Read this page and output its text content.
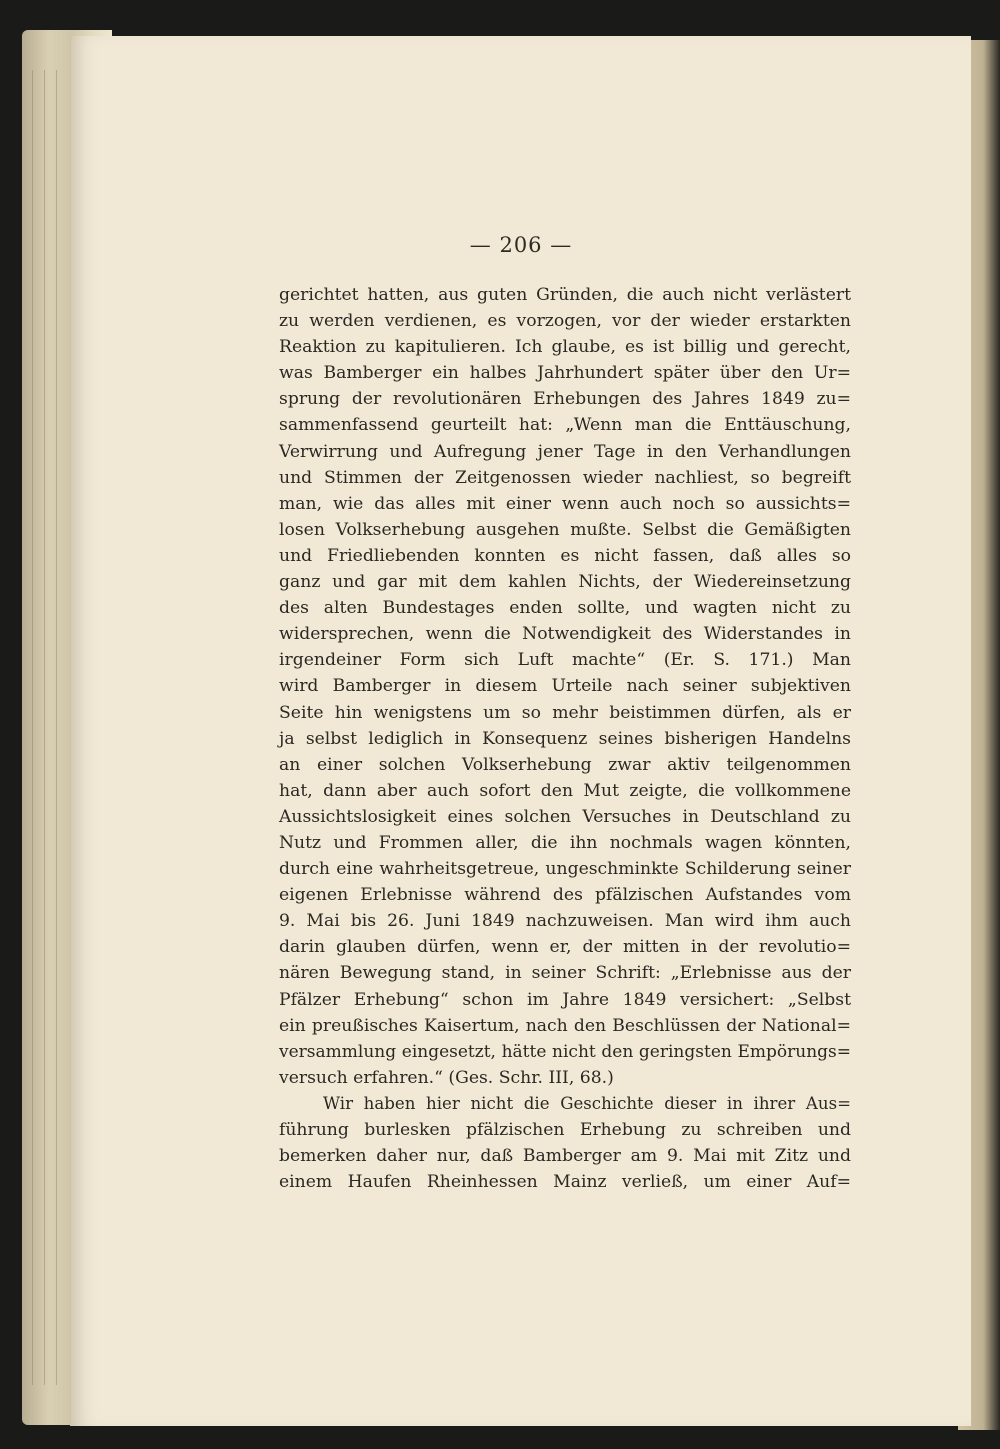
— 206 —
gerichtet hatten, aus guten Gründen, die auch nicht verlästert
zu werden verdienen, es vorzogen, vor der wieder erstarkten
Reaktion zu kapitulieren. Ich glaube, es ist billig und gerecht,
was Bamberger ein halbes Jahrhundert später über den Ur=
sprung der revolutionären Erhebungen des Jahres 1849 zu=
sammenfassend geurteilt hat: „Wenn man die Enttäuschung,
Verwirrung und Aufregung jener Tage in den Verhandlungen
und Stimmen der Zeitgenossen wieder nachliest, so begreift
man, wie das alles mit einer wenn auch noch so aussichts=
losen Volkserhebung ausgehen mußte. Selbst die Gemäßigten
und Friedliebenden konnten es nicht fassen, daß alles so
ganz und gar mit dem kahlen Nichts, der Wiedereinsetzung
des alten Bundestages enden sollte, und wagten nicht zu
widersprechen, wenn die Notwendigkeit des Widerstandes in
irgendeiner Form sich Luft machte“ (Er. S. 171.) Man
wird Bamberger in diesem Urteile nach seiner subjektiven
Seite hin wenigstens um so mehr beistimmen dürfen, als er
ja selbst lediglich in Konsequenz seines bisherigen Handelns
an einer solchen Volkserhebung zwar aktiv teilgenommen
hat, dann aber auch sofort den Mut zeigte, die vollkommene
Aussichtslosigkeit eines solchen Versuches in Deutschland zu
Nutz und Frommen aller, die ihn nochmals wagen könnten,
durch eine wahrheitsgetreue, ungeschminkte Schilderung seiner
eigenen Erlebnisse während des pfälzischen Aufstandes vom
9. Mai bis 26. Juni 1849 nachzuweisen. Man wird ihm auch
darin glauben dürfen, wenn er, der mitten in der revolutio=
nären Bewegung stand, in seiner Schrift: „Erlebnisse aus der
Pfälzer Erhebung“ schon im Jahre 1849 versichert: „Selbst
ein preußisches Kaisertum, nach den Beschlüssen der National=
versammlung eingesetzt, hätte nicht den geringsten Empörungs=
versuch erfahren.“ (Ges. Schr. III, 68.)
Wir haben hier nicht die Geschichte dieser in ihrer Aus=
führung burlesken pfälzischen Erhebung zu schreiben und
bemerken daher nur, daß Bamberger am 9. Mai mit Zitz und
einem Haufen Rheinhessen Mainz verließ, um einer Auf=
